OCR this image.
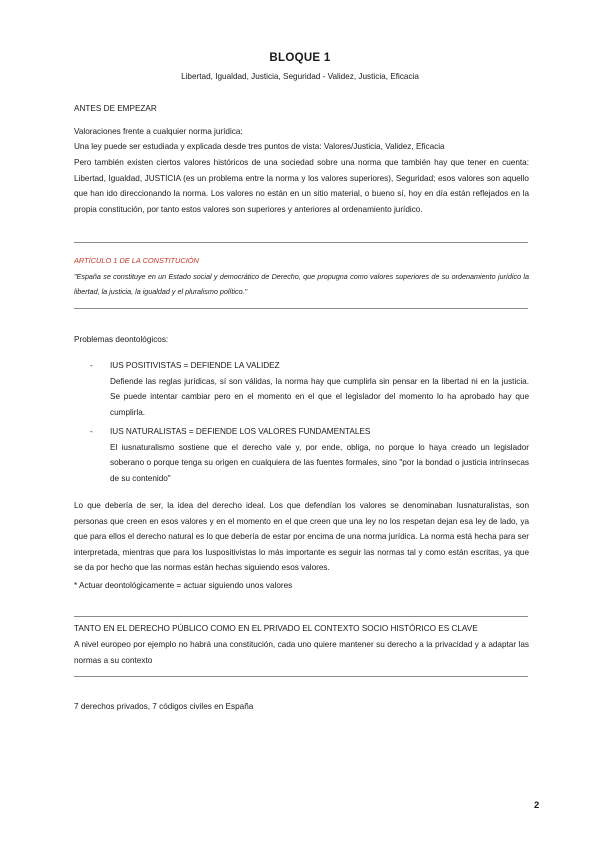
BLOQUE 1
Libertad, Igualdad, Justicia, Seguridad - Validez, Justicia, Eficacia
ANTES DE EMPEZAR
Valoraciones frente a cualquier norma jurídica:
Una ley puede ser estudiada y explicada desde tres puntos de vista: Valores/Justicia, Validez, Eficacia
Pero también existen ciertos valores históricos de una sociedad sobre una norma que también hay que tener en cuenta: Libertad, Igualdad, JUSTICIA (es un problema entre la norma y los valores superiores), Seguridad; esos valores son aquello que han ido direccionando la norma. Los valores no están en un sitio material, o bueno sí, hoy en día están reflejados en la propia constitución, por tanto estos valores son superiores y anteriores al ordenamiento jurídico.
ARTÍCULO 1 DE LA CONSTITUCIÓN
"España se constituye en un Estado social y democrático de Derecho, que propugna como valores superiores de su ordenamiento jurídico la libertad, la justicia, la igualdad y el pluralismo político."
Problemas deontológicos:
-	IUS POSITIVISTAS = DEFIENDE LA VALIDEZ
Defiende las reglas jurídicas, sí son válidas, la norma hay que cumplirla sin pensar en la libertad ni en la justicia. Se puede intentar cambiar pero en el momento en el que el legislador del momento lo ha aprobado hay que cumplirla.
-	IUS NATURALISTAS = DEFIENDE LOS VALORES FUNDAMENTALES
El iusnaturalismo sostiene que el derecho vale y, por ende, obliga, no porque lo haya creado un legislador soberano o porque tenga su origen en cualquiera de las fuentes formales, sino "por la bondad o justicia intrínsecas de su contenido"
Lo que debería de ser, la idea del derecho ideal. Los que defendían los valores se denominaban Iusnaturalistas, son personas que creen en esos valores y en el momento en el que creen que una ley no los respetan dejan esa ley de lado, ya que para ellos el derecho natural es lo que debería de estar por encima de una norma jurídica. La norma está hecha para ser interpretada, mientras que para los Iuspositivistas lo más importante es seguir las normas tal y como están escritas, ya que se da por hecho que las normas están hechas siguiendo esos valores.
* Actuar deontológicamente = actuar siguiendo unos valores
TANTO EN EL DERECHO PÚBLICO COMO EN EL PRIVADO EL CONTEXTO SOCIO HISTÓRICO ES CLAVE
A nivel europeo por ejemplo no habrá una constitución, cada uno quiere mantener su derecho a la privacidad y a adaptar las normas a su contexto
7 derechos privados, 7 códigos civiles en España
2
